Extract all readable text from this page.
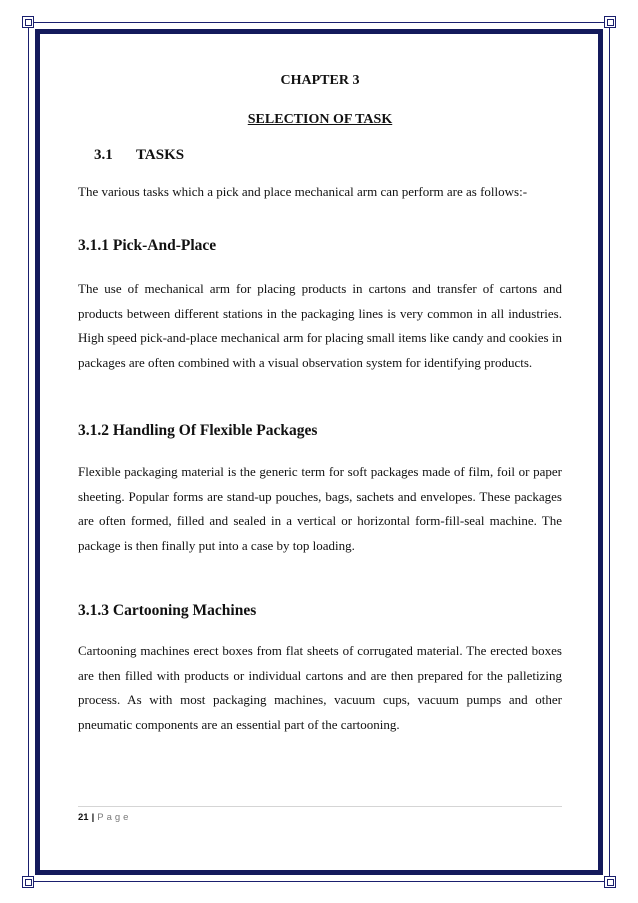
CHAPTER 3
SELECTION OF TASK
3.1 TASKS
The various tasks which a pick and place mechanical arm can perform are as follows:-
3.1.1 Pick-And-Place
The use of mechanical arm for placing products in cartons and transfer of cartons and products between different stations in the packaging lines is very common in all industries. High speed pick-and-place mechanical arm for placing small items like candy and cookies in packages are often combined with a visual observation system for identifying products.
3.1.2 Handling Of Flexible Packages
Flexible packaging material is the generic term for soft packages made of film, foil or paper sheeting. Popular forms are stand-up pouches, bags, sachets and envelopes. These packages are often formed, filled and sealed in a vertical or horizontal form-fill-seal machine. The package is then finally put into a case by top loading.
3.1.3 Cartooning Machines
Cartooning machines erect boxes from flat sheets of corrugated material. The erected boxes are then filled with products or individual cartons and are then prepared for the palletizing process. As with most packaging machines, vacuum cups, vacuum pumps and other pneumatic components are an essential part of the cartooning.
21 | Page
